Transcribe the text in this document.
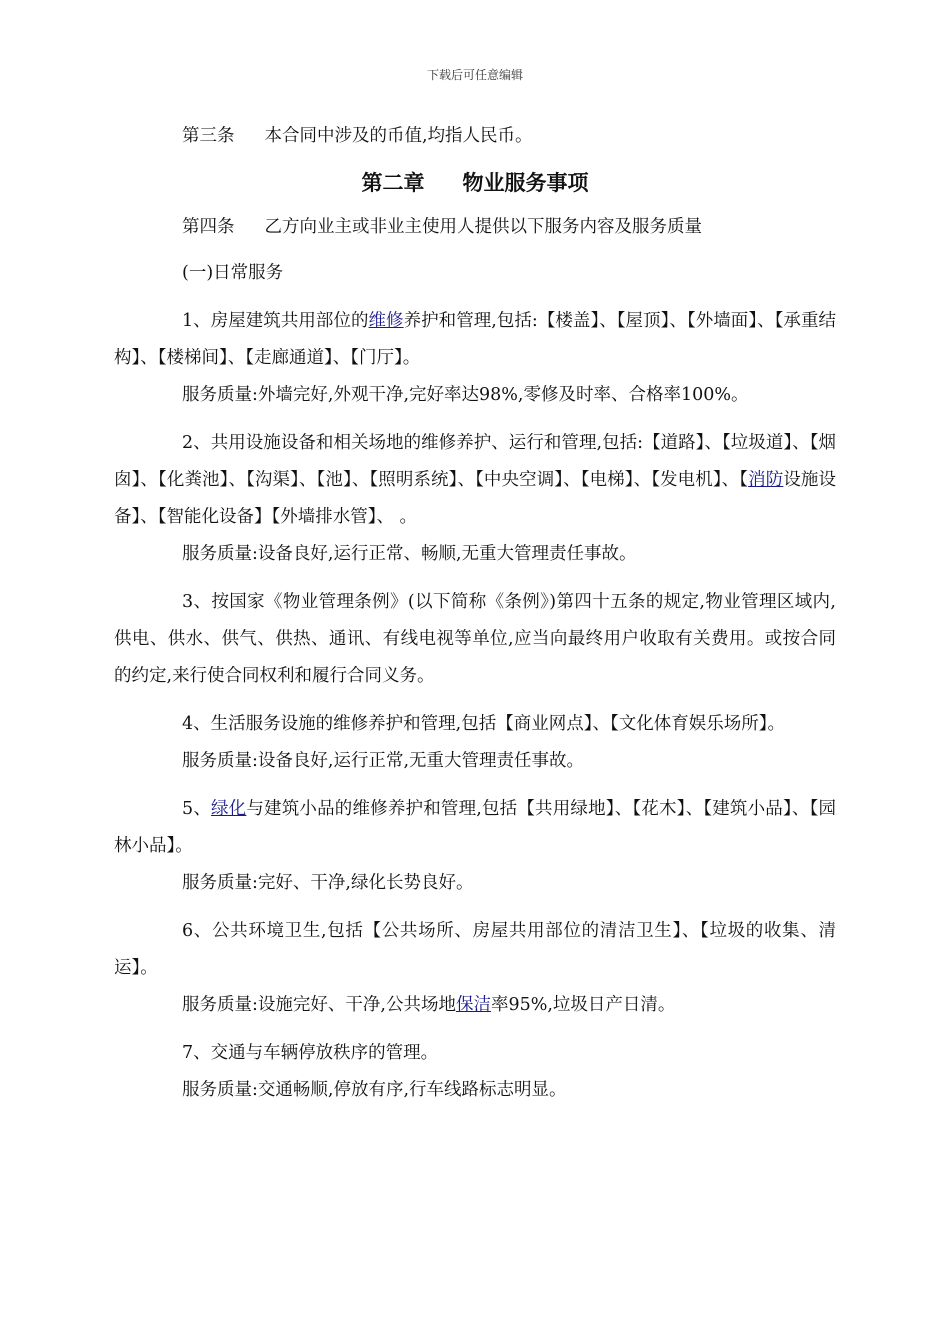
下载后可任意编辑

第三条 本合同中涉及的币值,均指人民币。

第二章 物业服务事项

第四条 乙方向业主或非业主使用人提供以下服务内容及服务质量

(一)日常服务

1、房屋建筑共用部位的维修养护和管理,包括:【楼盖】、【屋顶】、【外墙面】、【承重结构】、【楼梯间】、【走廊通道】、【门厅】。

服务质量:外墙完好,外观干净,完好率达98%,零修及时率、合格率100%。

2、共用设施设备和相关场地的维修养护、运行和管理,包括:【道路】、【垃圾道】、【烟囱】、【化粪池】、【沟渠】、【池】、【照明系统】、【中央空调】、【电梯】、【发电机】、【消防设施设备】、【智能化设备】【外墙排水管】、 。

服务质量:设备良好,运行正常、畅顺,无重大管理责任事故。

3、按国家《物业管理条例》(以下简称《条例》)第四十五条的规定,物业管理区域内,供电、供水、供气、供热、通讯、有线电视等单位,应当向最终用户收取有关费用。或按合同的约定,来行使合同权利和履行合同义务。

4、生活服务设施的维修养护和管理,包括【商业网点】、【文化体育娱乐场所】。

服务质量:设备良好,运行正常,无重大管理责任事故。

5、绿化与建筑小品的维修养护和管理,包括【共用绿地】、【花木】、【建筑小品】、【园林小品】。

服务质量:完好、干净,绿化长势良好。

6、公共环境卫生,包括【公共场所、房屋共用部位的清洁卫生】、【垃圾的收集、清运】。

服务质量:设施完好、干净,公共场地保洁率95%,垃圾日产日清。

7、交通与车辆停放秩序的管理。

服务质量:交通畅顺,停放有序,行车线路标志明显。
